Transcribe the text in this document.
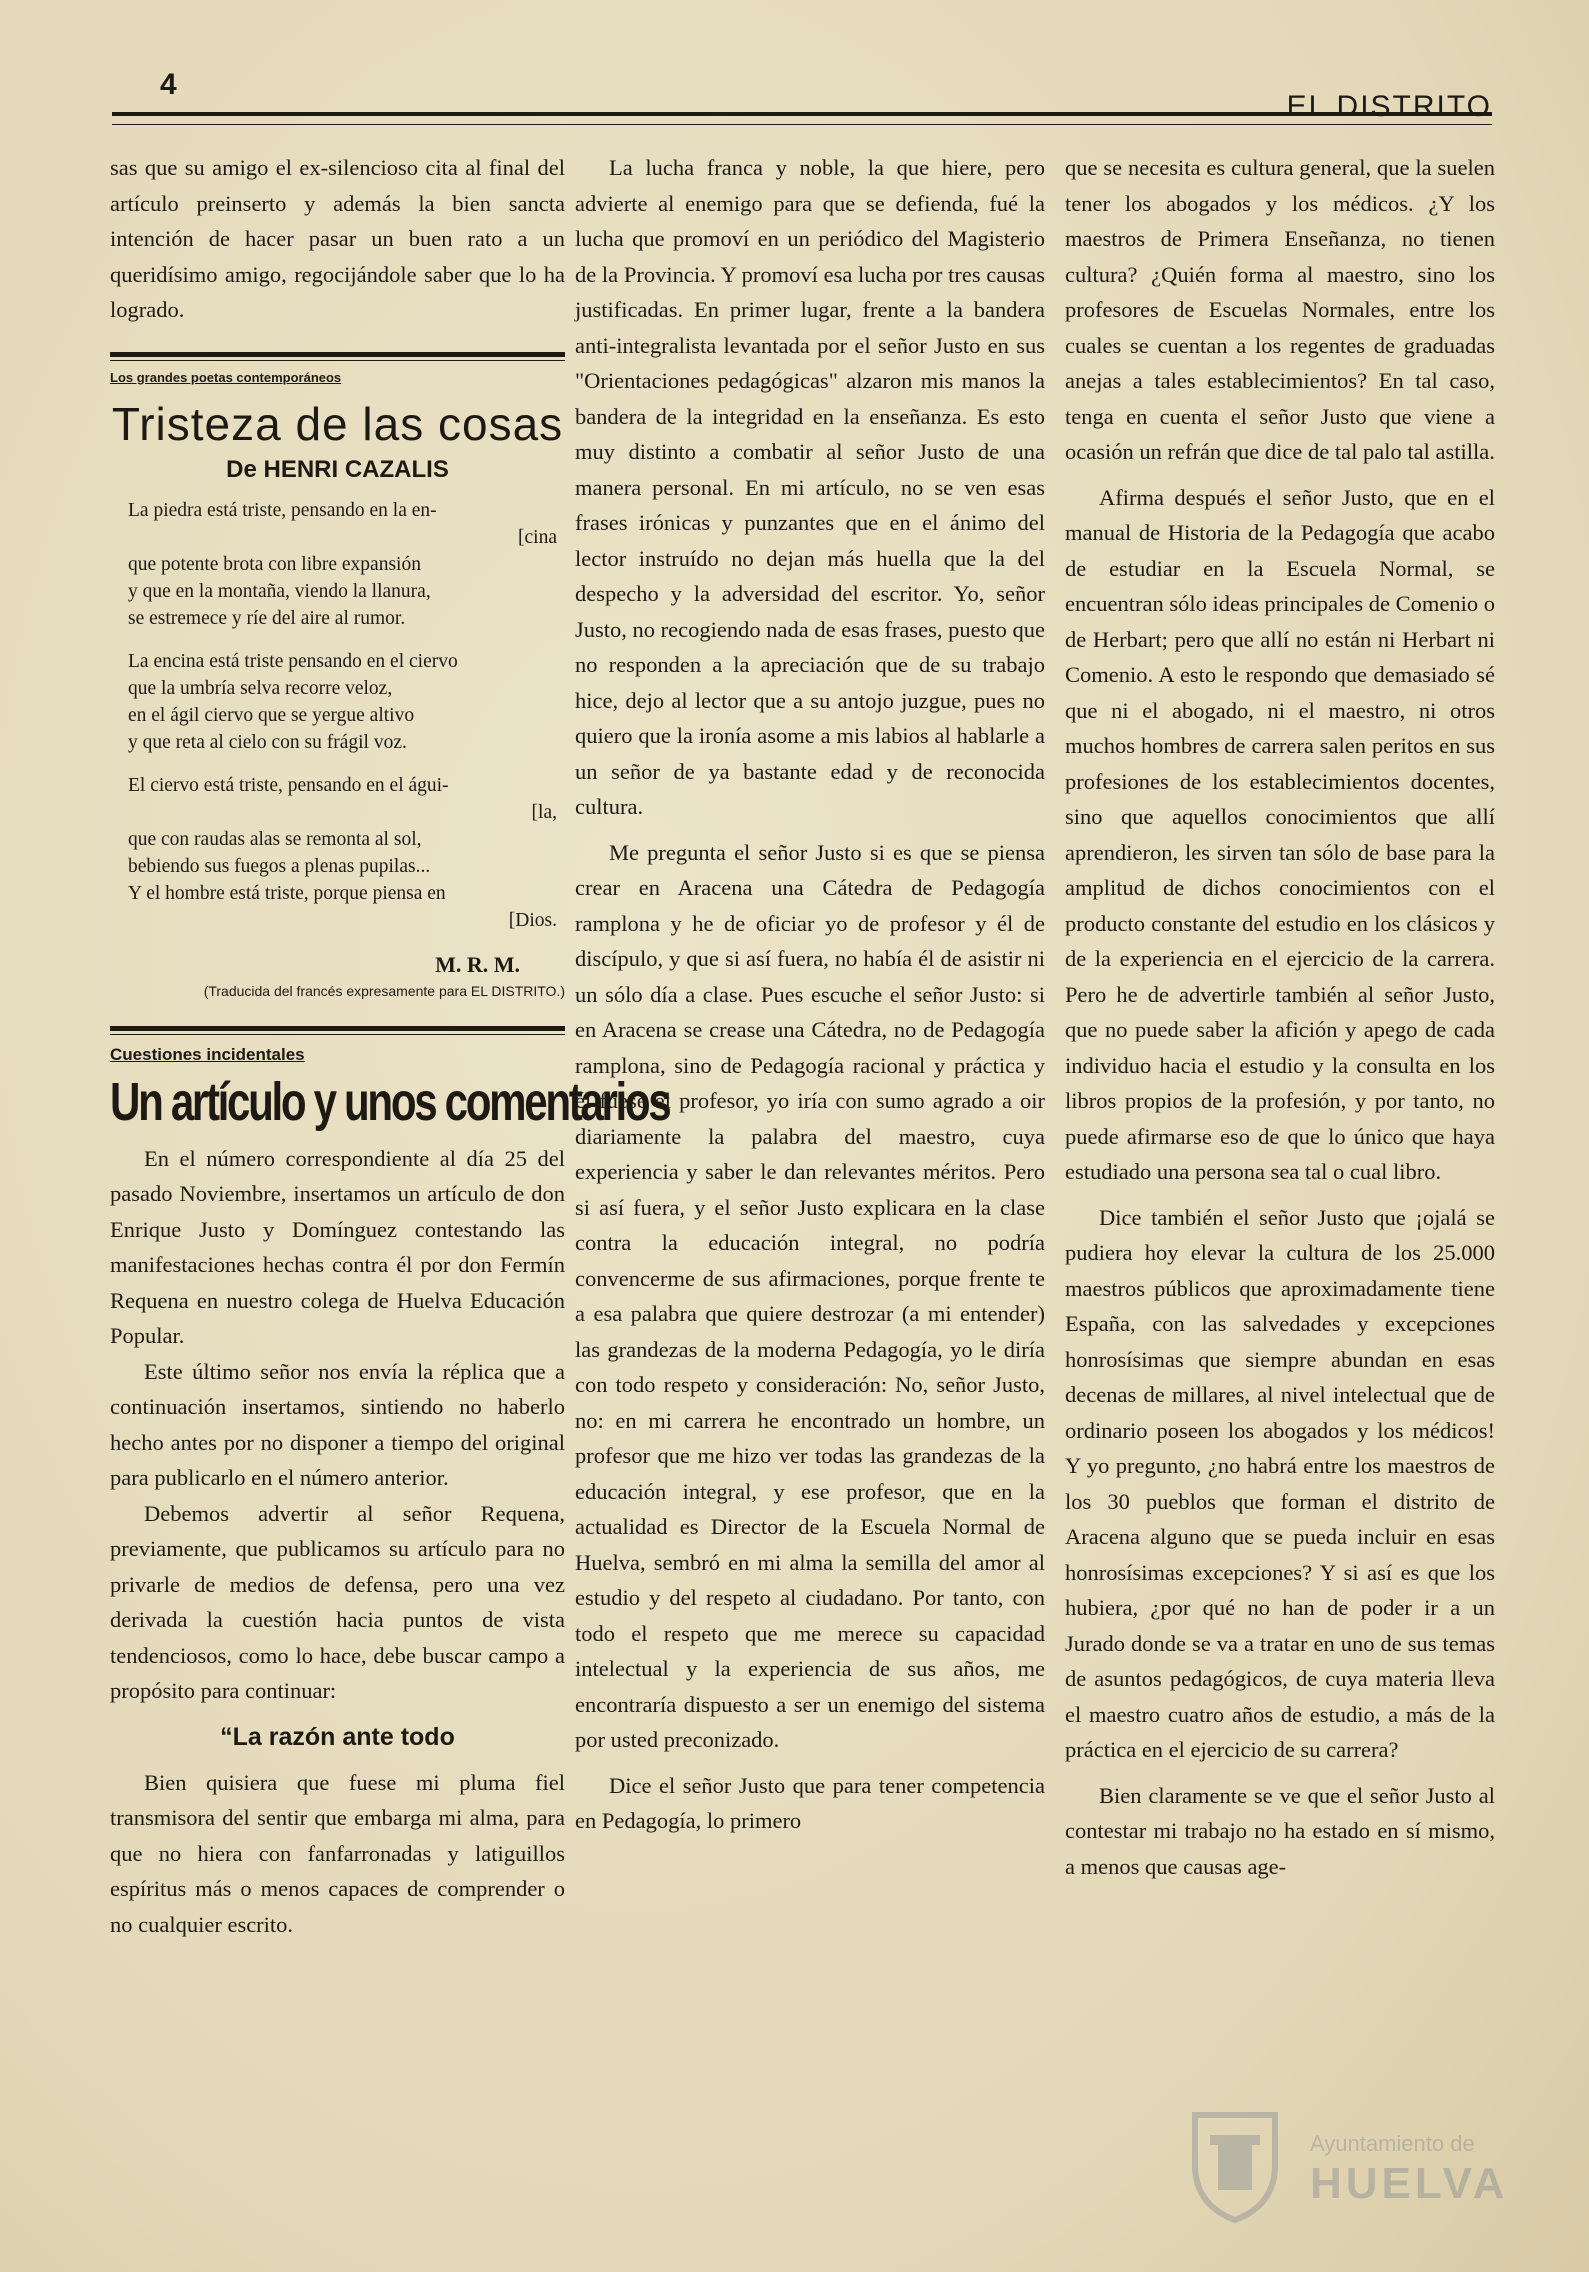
4
EL DISTRITO

sas que su amigo el ex-silencioso cita al final del artículo preinserto y además la bien sancta intención de hacer pasar un buen rato a un queridísimo amigo, regocijándole saber que lo ha logrado.

Los grandes poetas contemporáneos
Tristeza de las cosas
De HENRI CAZALIS
La piedra está triste, pensando en la en-
[cina
que potente brota con libre expansión
y que en la montaña, viendo la llanura,
se estremece y ríe del aire al rumor.
La encina está triste pensando en el ciervo
que la umbría selva recorre veloz,
en el ágil ciervo que se yergue altivo
y que reta al cielo con su frágil voz.
El ciervo está triste, pensando en el águi-
[la,
que con raudas alas se remonta al sol,
bebiendo sus fuegos a plenas pupilas...
Y el hombre está triste, porque piensa en
[Dios.
M. R. M.
(Traducida del francés expresamente para EL DISTRITO.)
Cuestiones incidentales
Un artículo y unos comentarios

En el número correspondiente al día 25 del pasado Noviembre, insertamos un artículo de don Enrique Justo y Domínguez contestando las manifestaciones hechas contra él por don Fermín Requena en nuestro colega de Huelva Educación Popular.

Este último señor nos envía la réplica que a continuación insertamos, sintiendo no haberlo hecho antes por no disponer a tiempo del original para publicarlo en el número anterior.

Debemos advertir al señor Requena, previamente, que publicamos su artículo para no privarle de medios de defensa, pero una vez derivada la cuestión hacia puntos de vista tendenciosos, como lo hace, debe buscar campo a propósito para continuar:

“La razón ante todo

Bien quisiera que fuese mi pluma fiel transmisora del sentir que embarga mi alma, para que no hiera con fanfarronadas y latiguillos espíritus más o menos capaces de comprender o no cualquier escrito.

La lucha franca y noble, la que hiere, pero advierte al enemigo para que se defienda, fué la lucha que promoví en un periódico del Magisterio de la Provincia. Y promoví esa lucha por tres causas justificadas. En primer lugar, frente a la bandera anti-integralista levantada por el señor Justo en sus "Orientaciones pedagógicas" alzaron mis manos la bandera de la integridad en la enseñanza. Es esto muy distinto a combatir al señor Justo de una manera personal. En mi artículo, no se ven esas frases irónicas y punzantes que en el ánimo del lector instruído no dejan más huella que la del despecho y la adversidad del escritor. Yo, señor Justo, no recogiendo nada de esas frases, puesto que no responden a la apreciación que de su trabajo hice, dejo al lector que a su antojo juzgue, pues no quiero que la ironía asome a mis labios al hablarle a un señor de ya bastante edad y de reconocida cultura.

Me pregunta el señor Justo si es que se piensa crear en Aracena una Cátedra de Pedagogía ramplona y he de oficiar yo de profesor y él de discípulo, y que si así fuera, no había él de asistir ni un sólo día a clase. Pues escuche el señor Justo: si en Aracena se crease una Cátedra, no de Pedagogía ramplona, sino de Pedagogía racional y práctica y él fuese el profesor, yo iría con sumo agrado a oir diariamente la palabra del maestro, cuya experiencia y saber le dan relevantes méritos. Pero si así fuera, y el señor Justo explicara en la clase contra la educación integral, no podría convencerme de sus afirmaciones, porque frente te a esa palabra que quiere destrozar (a mi entender) las grandezas de la moderna Pedagogía, yo le diría con todo respeto y consideración: No, señor Justo, no: en mi carrera he encontrado un hombre, un profesor que me hizo ver todas las grandezas de la educación integral, y ese profesor, que en la actualidad es Director de la Escuela Normal de Huelva, sembró en mi alma la semilla del amor al estudio y del respeto al ciudadano. Por tanto, con todo el respeto que me merece su capacidad intelectual y la experiencia de sus años, me encontraría dispuesto a ser un enemigo del sistema por usted preconizado.

Dice el señor Justo que para tener competencia en Pedagogía, lo primero

que se necesita es cultura general, que la suelen tener los abogados y los médicos. ¿Y los maestros de Primera Enseñanza, no tienen cultura? ¿Quién forma al maestro, sino los profesores de Escuelas Normales, entre los cuales se cuentan a los regentes de graduadas anejas a tales establecimientos? En tal caso, tenga en cuenta el señor Justo que viene a ocasión un refrán que dice de tal palo tal astilla.

Afirma después el señor Justo, que en el manual de Historia de la Pedagogía que acabo de estudiar en la Escuela Normal, se encuentran sólo ideas principales de Comenio o de Herbart; pero que allí no están ni Herbart ni Comenio. A esto le respondo que demasiado sé que ni el abogado, ni el maestro, ni otros muchos hombres de carrera salen peritos en sus profesiones de los establecimientos docentes, sino que aquellos conocimientos que allí aprendieron, les sirven tan sólo de base para la amplitud de dichos conocimientos con el producto constante del estudio en los clásicos y de la experiencia en el ejercicio de la carrera. Pero he de advertirle también al señor Justo, que no puede saber la afición y apego de cada individuo hacia el estudio y la consulta en los libros propios de la profesión, y por tanto, no puede afirmarse eso de que lo único que haya estudiado una persona sea tal o cual libro.

Dice también el señor Justo que ¡ojalá se pudiera hoy elevar la cultura de los 25.000 maestros públicos que aproximadamente tiene España, con las salvedades y excepciones honrosísimas que siempre abundan en esas decenas de millares, al nivel intelectual que de ordinario poseen los abogados y los médicos! Y yo pregunto, ¿no habrá entre los maestros de los 30 pueblos que forman el distrito de Aracena alguno que se pueda incluir en esas honrosísimas excepciones? Y si así es que los hubiera, ¿por qué no han de poder ir a un Jurado donde se va a tratar en uno de sus temas de asuntos pedagógicos, de cuya materia lleva el maestro cuatro años de estudio, a más de la práctica en el ejercicio de su carrera?

Bien claramente se ve que el señor Justo al contestar mi trabajo no ha estado en sí mismo, a menos que causas age-

Ayuntamiento de
HUELVA
